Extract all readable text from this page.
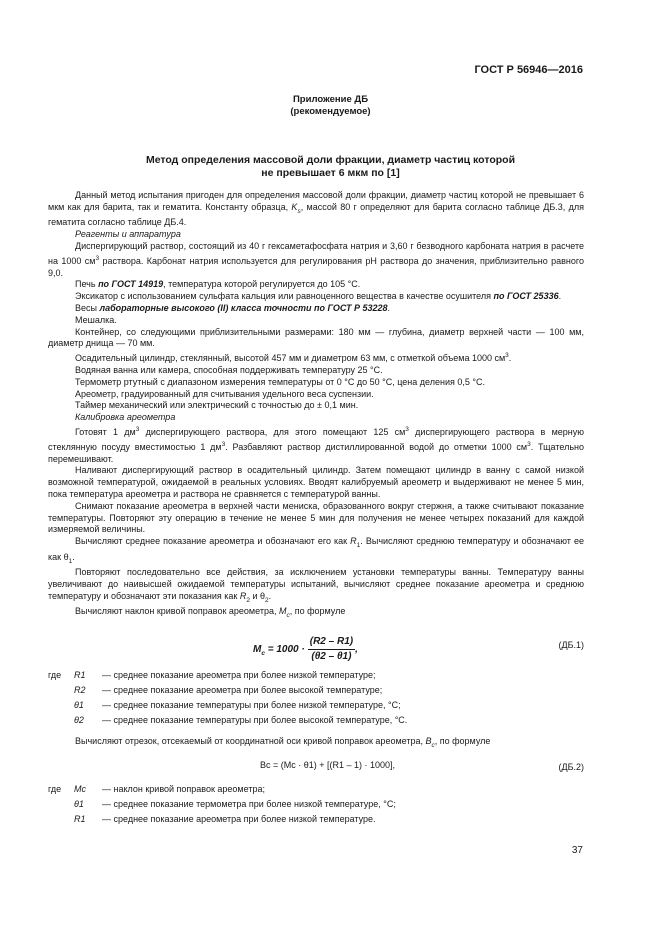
ГОСТ Р 56946—2016
Приложение ДБ
(рекомендуемое)
Метод определения массовой доли фракции, диаметр частиц которой
не превышает 6 мкм по [1]

Данный метод испытания пригоден для определения массовой доли фракции, диаметр частиц которой не превышает 6 мкм как для барита, так и гематита. Константу образца, $K_s$, массой 80 г определяют для барита согласно таблице ДБ.3, для гематита согласно таблице ДБ.4.

Реагенты и аппаратура

Диспергирующий раствор, состоящий из 40 г гексаметафосфата натрия и 3,60 г безводного карбоната натрия в расчете на 1000 $см^3$ раствора. Карбонат натрия используется для регулирования pH раствора до значения, приблизительно равного 9,0.

Печь по ГОСТ 14919, температура которой регулируется до 105 °С.

Эксикатор с использованием сульфата кальция или равноценного вещества в качестве осушителя по ГОСТ 25336.

Весы лабораторные высокого (II) класса точности по ГОСТ Р 53228.

Мешалка.

Контейнер, со следующими приблизительными размерами: 180 мм — глубина, диаметр верхней части — 100 мм, диаметр днища — 70 мм.

Осадительный цилиндр, стеклянный, высотой 457 мм и диаметром 63 мм, с отметкой объема 1000 $см^3$.

Водяная ванна или камера, способная поддерживать температуру 25 °С.

Термометр ртутный с диапазоном измерения температуры от 0 °С до 50 °С, цена деления 0,5 °С.

Ареометр, градуированный для считывания удельного веса суспензии.

Таймер механический или электрический с точностью до ± 0,1 мин.

Калибровка ареометра

Готовят 1 $дм^3$ диспергирующего раствора, для этого помещают 125 $см^3$ диспергирующего раствора в мерную стеклянную посуду вместимостью 1 $дм^3$. Разбавляют раствор дистиллированной водой до отметки 1000 $см^3$. Тщательно перемешивают.

Наливают диспергирующий раствор в осадительный цилиндр. Затем помещают цилиндр в ванну с самой низкой возможной температурой, ожидаемой в реальных условиях. Вводят калибруемый ареометр и выдерживают не менее 5 мин, пока температура ареометра и раствора не сравняется с температурой ванны.

Снимают показание ареометра в верхней части мениска, образованного вокруг стержня, а также считывают показание температуры. Повторяют эту операцию в течение не менее 5 мин для получения не менее четырех показаний для каждой измеряемой величины.

Вычисляют среднее показание ареометра и обозначают его как $R_1$. Вычисляют среднюю температуру и обозначают ее как $\theta_1$.

Повторяют последовательно все действия, за исключением установки температуры ванны. Температуру ванны увеличивают до наивысшей ожидаемой температуры испытаний, вычисляют среднее показание ареометра и среднюю температуру и обозначают эти показания как $R_2$ и $\theta_2$.

Вычисляют наклон кривой поправок ареометра, $M_c$, по формуле

$M_c = 1000 \cdot \frac{(R2 - R1)}{(\theta 2 - \theta 1)}$ ,	(ДБ.1)
где R1 — среднее показание ареометра при более низкой температуре;
R2 — среднее показание ареометра при более высокой температуре;
θ1 — среднее показание температуры при более низкой температуре, °С;
θ2 — среднее показание температуры при более высокой температуре, °С.

Вычисляют отрезок, отсекаемый от координатной оси кривой поправок ареометра, $B_c$, по формуле

Bc = (Mc · θ1) + [(R1 – 1) · 1000],	(ДБ.2)
где Mc — наклон кривой поправок ареометра;
θ1 — среднее показание термометра при более низкой температуре, °С;
R1 — среднее показание ареометра при более низкой температуре.
37
